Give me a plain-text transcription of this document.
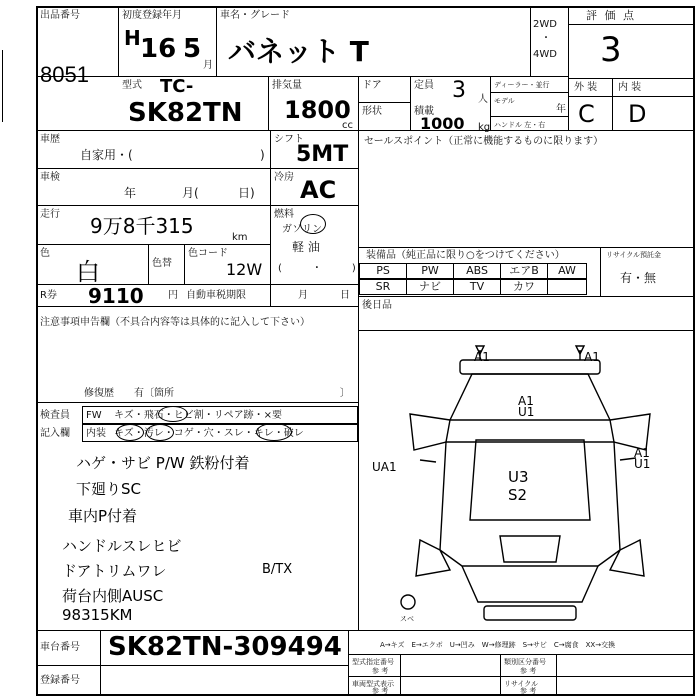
出品番号	初度登録年月	車名・グレード
2WD
・
4WD
評 価 点
8051
H 16 5
月 バネット T	3
外 装 内 装
C D
型式 TC-
SK82TN
排気量
1800
cc
ドア	定員 3 人
ディーラー・並行
モデル
年
ハンドル 左・右
形状	積載
1000 kg
車歴
自家用・(	)
シフト
5MT
セールスポイント（正常に機能するものに限ります）
車検
年	月(	日)
冷房 AC
走行 9万8千315	km
燃料
ガソリン
軽 油
(　　　・　　　)
色
白	色替
色コード
12W
R券 9110 円 自動車税期限	月	日
装備品（純正品に限り○をつけてください）	リサイクル預託金
PS	PW	ABS	エアB	AW
SR	ナビ	TV	カワ
有・無
後日品
注意事項申告欄（不具合内容等は具体的に記入して下さい）
修復歴　　有〔箇所	〕
検査員
記入欄
FW キズ・飛石・ヒビ割・リペア跡・×要
内装 キズ・汚レ・コゲ・穴・スレ・キレ・破レ
ハゲ・サビ P/W 鉄粉付着
下廻りSC
車内P付着
ハンドルスレヒビ
ドアトリムワレ
荷台内側AUSC
98315KM
B/TX
A1	A1
A1
U1
UA1
A1
U1
U3
S2
スベ
車台番号 SK82TN-309494
登録番号
A→キズ　E→エクボ　U→凹み　W→修理跡　S→サビ　C→腐食　XX→交換
型式指定番号
参 考
類別区分番号
参 考
車両型式表示
参 考
リサイクル
参 考
